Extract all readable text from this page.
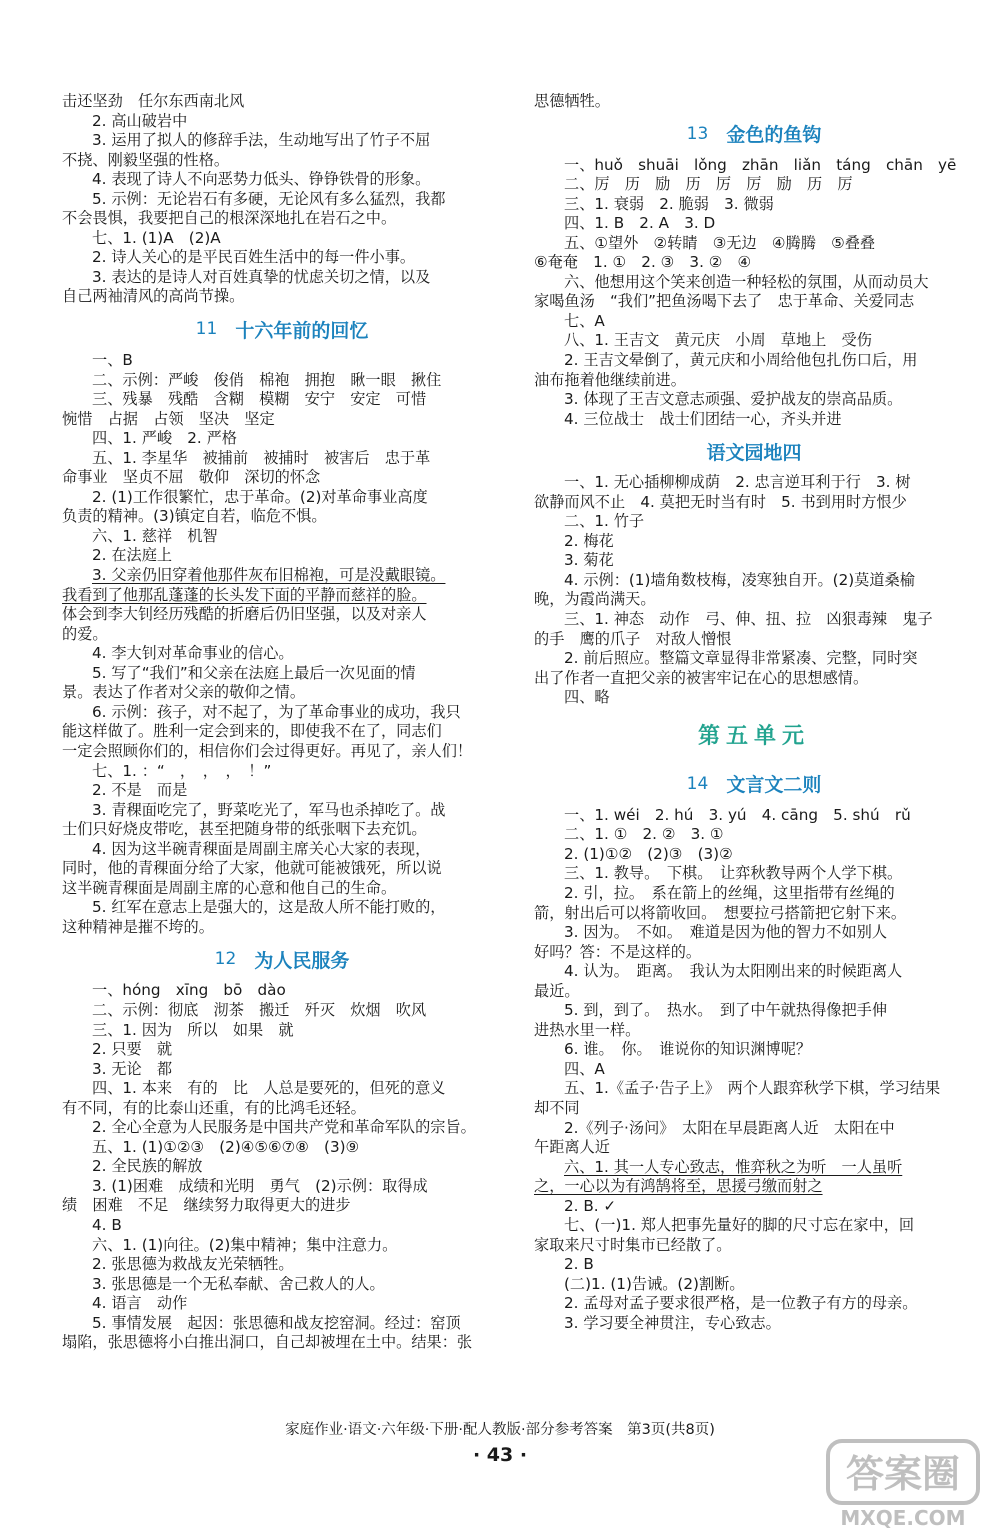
击还坚劲　任尔东西南北风
2. 高山破岩中
3. 运用了拟人的修辞手法，生动地写出了竹子不屈
不挠、刚毅坚强的性格。
4. 表现了诗人不向恶势力低头、铮铮铁骨的形象。
5. 示例：无论岩石有多硬，无论风有多么猛烈，我都
不会畏惧，我要把自己的根深深地扎在岩石之中。
七、1. (1)A　(2)A
2. 诗人关心的是平民百姓生活中的每一件小事。
3. 表达的是诗人对百姓真挚的忧虑关切之情，以及
自己两袖清风的高尚节操。
11 十六年前的回忆
一、B
二、示例：严峻　俊俏　棉袍　拥抱　瞅一眼　揪住
三、残暴　残酷　含糊　模糊　安宁　安定　可惜
惋惜　占据　占领　坚决　坚定
四、1. 严峻　2. 严格
五、1. 李星华　被捕前　被捕时　被害后　忠于革
命事业　坚贞不屈　敬仰　深切的怀念
2. (1)工作很繁忙，忠于革命。(2)对革命事业高度
负责的精神。(3)镇定自若，临危不惧。
六、1. 慈祥　机智
2. 在法庭上
3. 父亲仍旧穿着他那件灰布旧棉袍，可是没戴眼镜。
我看到了他那乱蓬蓬的长头发下面的平静而慈祥的脸。
体会到李大钊经历残酷的折磨后仍旧坚强，以及对亲人
的爱。
4. 李大钊对革命事业的信心。
5. 写了“我们”和父亲在法庭上最后一次见面的情
景。表达了作者对父亲的敬仰之情。
6. 示例：孩子，对不起了，为了革命事业的成功，我只
能这样做了。胜利一定会到来的，即使我不在了，同志们
一定会照顾你们的，相信你们会过得更好。再见了，亲人们！
七、1. ：“　，　，　，　！”
2. 不是　而是
3. 青稞面吃完了，野菜吃光了，军马也杀掉吃了。战
士们只好烧皮带吃，甚至把随身带的纸张咽下去充饥。
4. 因为这半碗青稞面是周副主席关心大家的表现，
同时，他的青稞面分给了大家，他就可能被饿死，所以说
这半碗青稞面是周副主席的心意和他自己的生命。
5. 红军在意志上是强大的，这是敌人所不能打败的，
这种精神是摧不垮的。
12 为人民服务
一、hóng　xīng　bō　dào
二、示例：彻底　沏茶　搬迁　歼灭　炊烟　吹风
三、1. 因为　所以　如果　就
2. 只要　就
3. 无论　都
四、1. 本来　有的　比　人总是要死的，但死的意义
有不同，有的比泰山还重，有的比鸿毛还轻。
2. 全心全意为人民服务是中国共产党和革命军队的宗旨。
五、1. (1)①②③　(2)④⑤⑥⑦⑧　(3)⑨
2. 全民族的解放
3. (1)困难　成绩和光明　勇气　(2)示例：取得成
绩　困难　不足　继续努力取得更大的进步
4. B
六、1. (1)向往。(2)集中精神；集中注意力。
2. 张思德为救战友光荣牺牲。
3. 张思德是一个无私奉献、舍己救人的人。
4. 语言　动作
5. 事情发展　起因：张思德和战友挖窑洞。经过：窑顶
塌陷，张思德将小白推出洞口，自己却被埋在土中。结果：张
思德牺牲。
13 金色的鱼钩
一、huǒ　shuāi　lǒng　zhān　liǎn　táng　chān　yē
二、厉　历　励　历　厉　厉　励　历　厉
三、1. 衰弱　2. 脆弱　3. 微弱
四、1. B　2. A　3. D
五、①望外　②转睛　③无边　④腾腾　⑤叠叠
⑥奄奄　1. ①　2. ③　3. ②　④
六、他想用这个笑来创造一种轻松的氛围，从而动员大
家喝鱼汤　“我们”把鱼汤喝下去了　忠于革命、关爱同志
七、A
八、1. 王吉文　黄元庆　小周　草地上　受伤
2. 王吉文晕倒了，黄元庆和小周给他包扎伤口后，用
油布拖着他继续前进。
3. 体现了王吉文意志顽强、爱护战友的崇高品质。
4. 三位战士　战士们团结一心，齐头并进
语文园地四
一、1. 无心插柳柳成荫　2. 忠言逆耳利于行　3. 树
欲静而风不止　4. 莫把无时当有时　5. 书到用时方恨少
二、1. 竹子
2. 梅花
3. 菊花
4. 示例：(1)墙角数枝梅，凌寒独自开。(2)莫道桑榆
晚，为霞尚满天。
三、1. 神态　动作　弓、伸、扭、拉　凶狠毒辣　鬼子
的手　鹰的爪子　对敌人憎恨
2. 前后照应。整篇文章显得非常紧凑、完整，同时突
出了作者一直把父亲的被害牢记在心的思想感情。
四、略
第五单元
14 文言文二则
一、1. wéi　2. hú　3. yú　4. cāng　5. shú　rǔ
二、1. ①　2. ②　3. ①
2. (1)①②　(2)③　(3)②
三、1. 教导。　下棋。　让弈秋教导两个人学下棋。
2. 引，拉。　系在箭上的丝绳，这里指带有丝绳的
箭，射出后可以将箭收回。　想要拉弓搭箭把它射下来。
3. 因为。　不如。　难道是因为他的智力不如别人
好吗？答：不是这样的。
4. 认为。　距离。　我认为太阳刚出来的时候距离人
最近。
5. 到，到了。　热水。　到了中午就热得像把手伸
进热水里一样。
6. 谁。　你。　谁说你的知识渊博呢？
四、A
五、1.《孟子·告子上》　两个人跟弈秋学下棋，学习结果
却不同
2.《列子·汤问》　太阳在早晨距离人近　太阳在中
午距离人近
六、1. 其一人专心致志，惟弈秋之为听　一人虽听
之，一心以为有鸿鹄将至，思援弓缴而射之
2. B. ✓
七、(一)1. 郑人把事先量好的脚的尺寸忘在家中，回
家取来尺寸时集市已经散了。
2. B
(二)1. (1)告诫。(2)割断。
2. 孟母对孟子要求很严格，是一位教子有方的母亲。
3. 学习要全神贯注，专心致志。
家庭作业·语文·六年级·下册·配人教版·部分参考答案　第3页(共8页)
· 43 ·	答案圈
MXQE.COM
